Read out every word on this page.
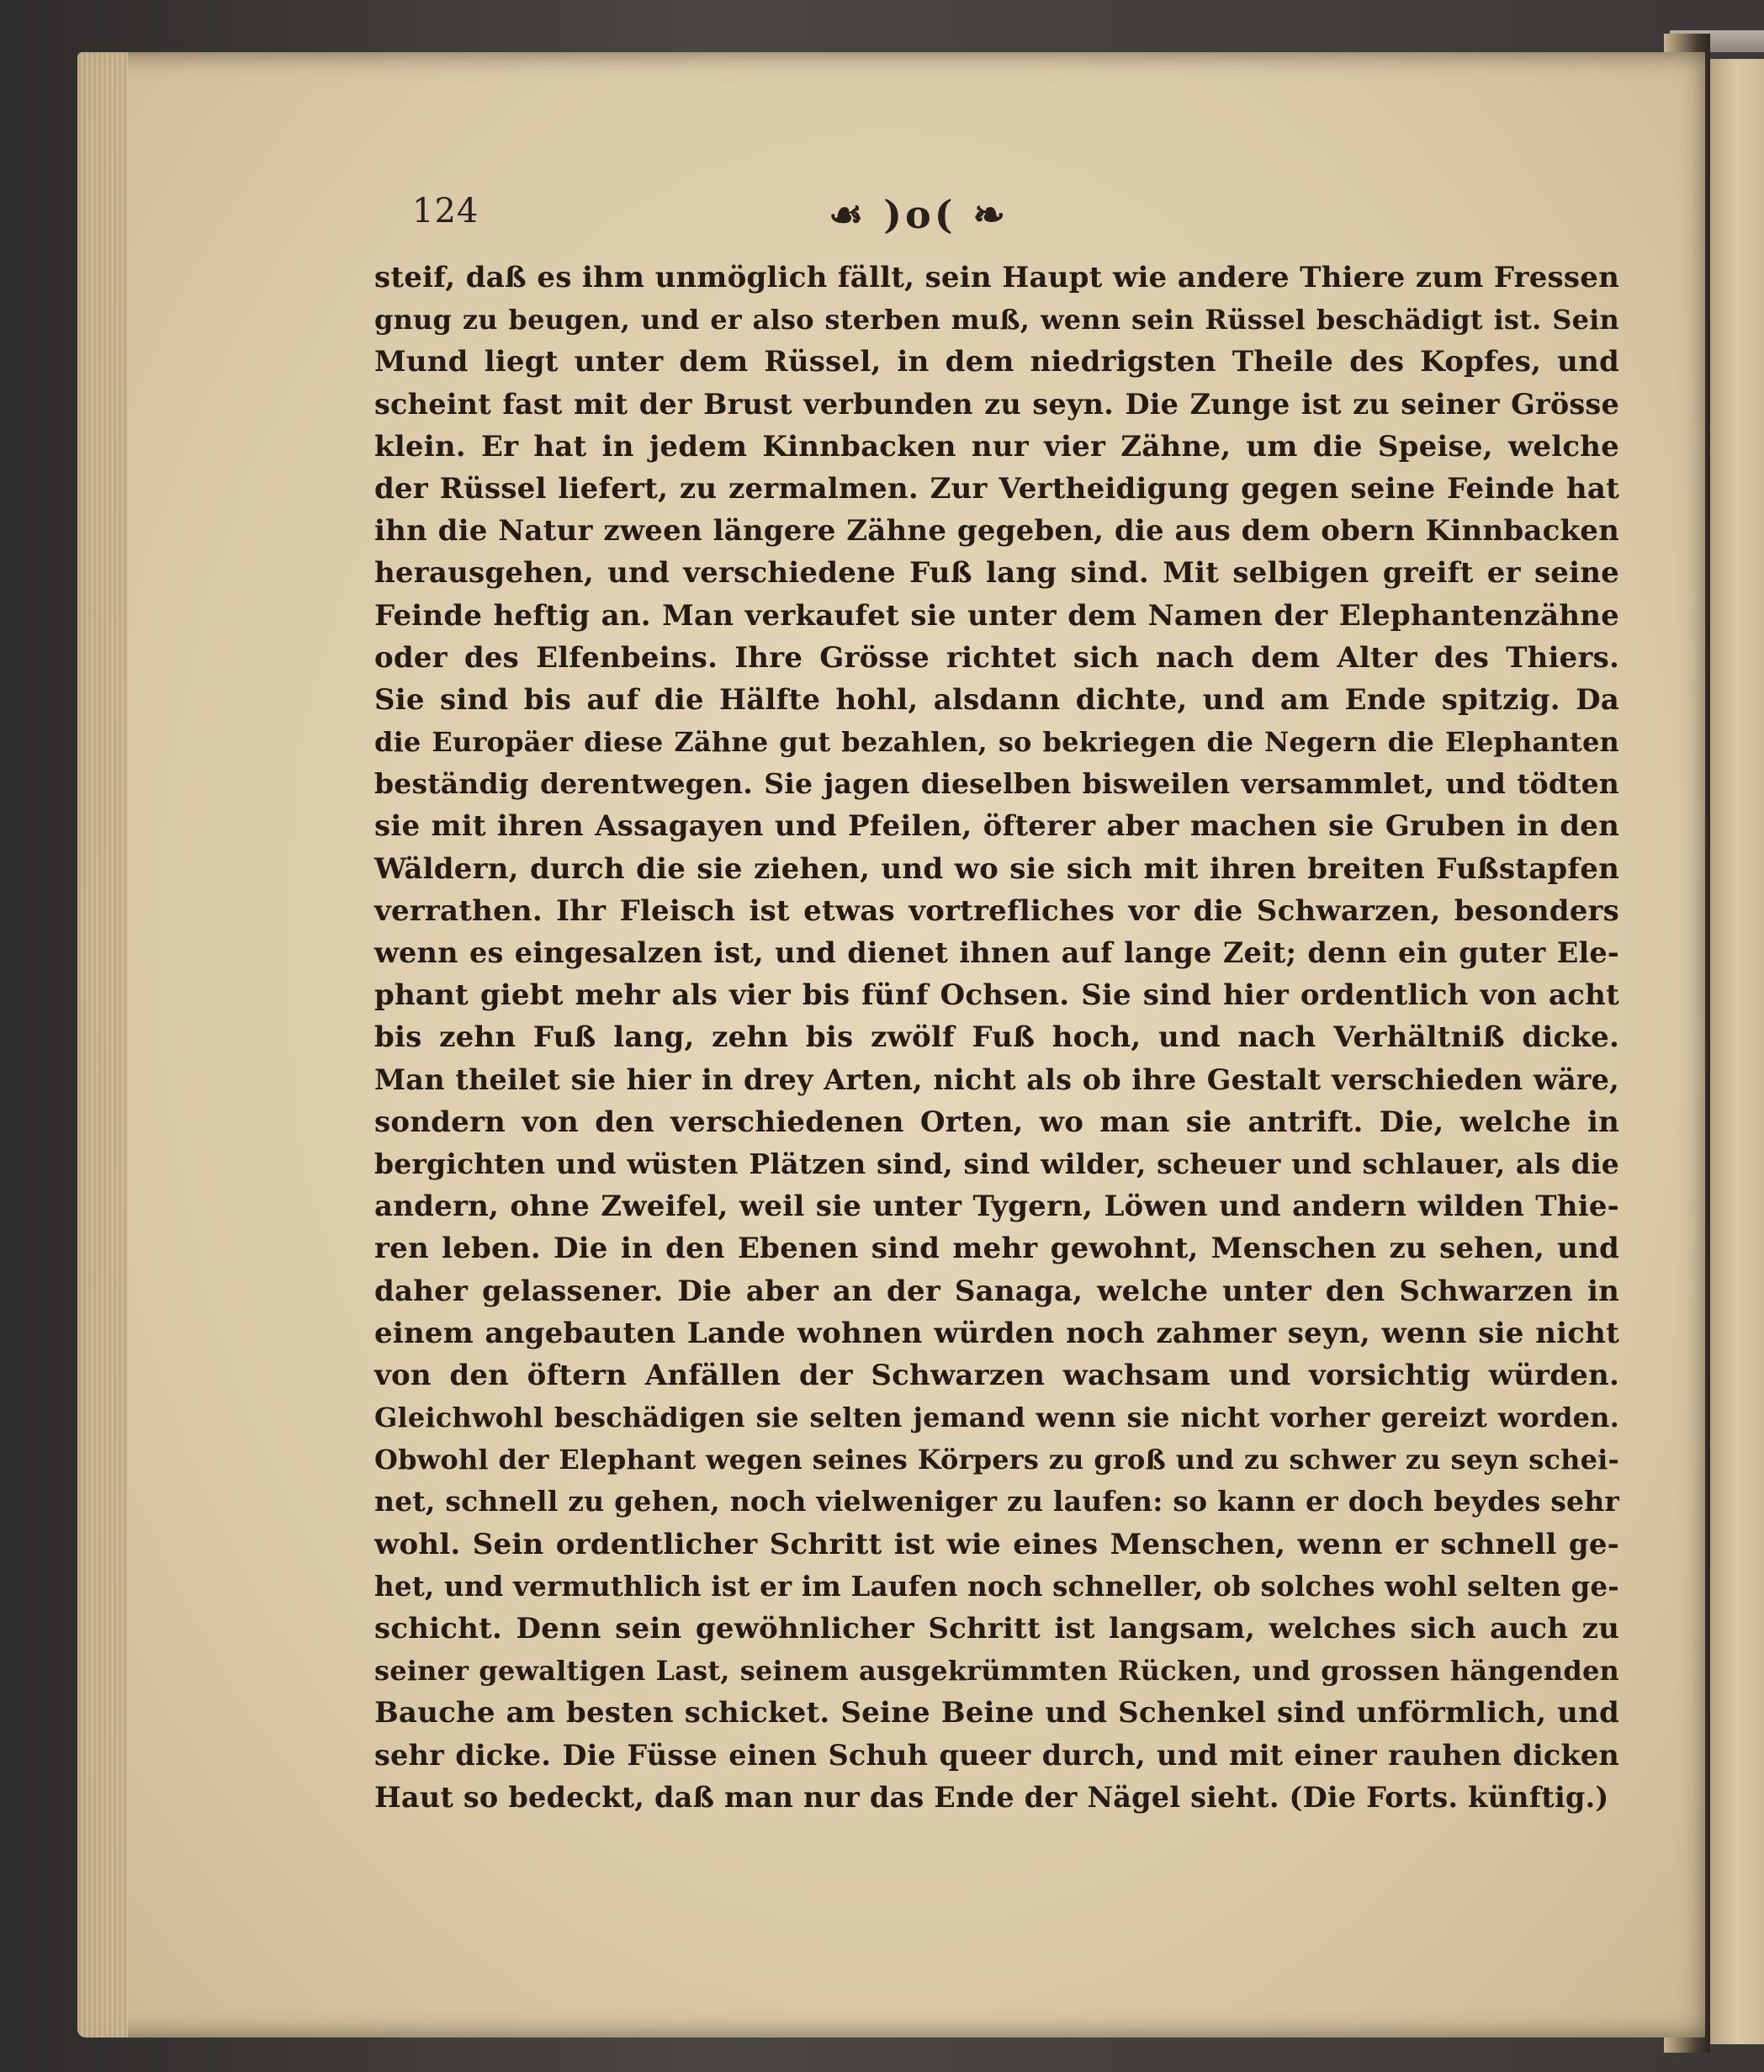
124	☙ )o( ❧
steif, daß es ihm unmöglich fällt, sein Haupt wie andere Thiere zum Fressen
gnug zu beugen, und er also sterben muß, wenn sein Rüssel beschädigt ist. Sein
Mund liegt unter dem Rüssel, in dem niedrigsten Theile des Kopfes, und
scheint fast mit der Brust verbunden zu seyn. Die Zunge ist zu seiner Grösse
klein. Er hat in jedem Kinnbacken nur vier Zähne, um die Speise, welche
der Rüssel liefert, zu zermalmen. Zur Vertheidigung gegen seine Feinde hat
ihn die Natur zween längere Zähne gegeben, die aus dem obern Kinnbacken
herausgehen, und verschiedene Fuß lang sind. Mit selbigen greift er seine
Feinde heftig an. Man verkaufet sie unter dem Namen der Elephantenzähne
oder des Elfenbeins. Ihre Grösse richtet sich nach dem Alter des Thiers.
Sie sind bis auf die Hälfte hohl, alsdann dichte, und am Ende spitzig. Da
die Europäer diese Zähne gut bezahlen, so bekriegen die Negern die Elephanten
beständig derentwegen. Sie jagen dieselben bisweilen versammlet, und tödten
sie mit ihren Assagayen und Pfeilen, öfterer aber machen sie Gruben in den
Wäldern, durch die sie ziehen, und wo sie sich mit ihren breiten Fußstapfen
verrathen. Ihr Fleisch ist etwas vortrefliches vor die Schwarzen, besonders
wenn es eingesalzen ist, und dienet ihnen auf lange Zeit; denn ein guter Ele-
phant giebt mehr als vier bis fünf Ochsen. Sie sind hier ordentlich von acht
bis zehn Fuß lang, zehn bis zwölf Fuß hoch, und nach Verhältniß dicke.
Man theilet sie hier in drey Arten, nicht als ob ihre Gestalt verschieden wäre,
sondern von den verschiedenen Orten, wo man sie antrift. Die, welche in
bergichten und wüsten Plätzen sind, sind wilder, scheuer und schlauer, als die
andern, ohne Zweifel, weil sie unter Tygern, Löwen und andern wilden Thie-
ren leben. Die in den Ebenen sind mehr gewohnt, Menschen zu sehen, und
daher gelassener. Die aber an der Sanaga, welche unter den Schwarzen in
einem angebauten Lande wohnen würden noch zahmer seyn, wenn sie nicht
von den öftern Anfällen der Schwarzen wachsam und vorsichtig würden.
Gleichwohl beschädigen sie selten jemand wenn sie nicht vorher gereizt worden.
Obwohl der Elephant wegen seines Körpers zu groß und zu schwer zu seyn schei-
net, schnell zu gehen, noch vielweniger zu laufen: so kann er doch beydes sehr
wohl. Sein ordentlicher Schritt ist wie eines Menschen, wenn er schnell ge-
het, und vermuthlich ist er im Laufen noch schneller, ob solches wohl selten ge-
schicht. Denn sein gewöhnlicher Schritt ist langsam, welches sich auch zu
seiner gewaltigen Last, seinem ausgekrümmten Rücken, und grossen hängenden
Bauche am besten schicket. Seine Beine und Schenkel sind unförmlich, und
sehr dicke. Die Füsse einen Schuh queer durch, und mit einer rauhen dicken
Haut so bedeckt, daß man nur das Ende der Nägel sieht. (Die Forts. künftig.)
